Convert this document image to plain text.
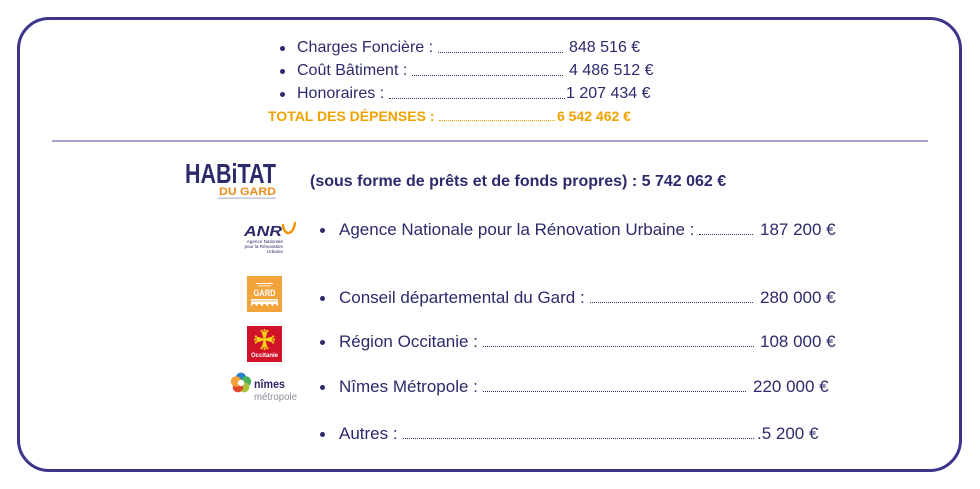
Charges Foncière :	848 516 €
Coût Bâtiment :	4 486 512 €
Honoraires :	1 207 434 €
TOTAL DES DÉPENSES :	6 542 462 €
HABiTAT
DU GARD
(sous forme de prêts et de fonds propres) : 5 742 062 €
ANR
Agence Nationale pour la Rénovation Urbaine
Agence Nationale pour la Rénovation Urbaine :	187 200 €
GARD	Conseil départemental du Gard :	280 000 €
Occitanie
Région Occitanie :	108 000 €
nîmes
métropole
Nîmes Métropole :	220 000 €
Autres :	.5 200 €
